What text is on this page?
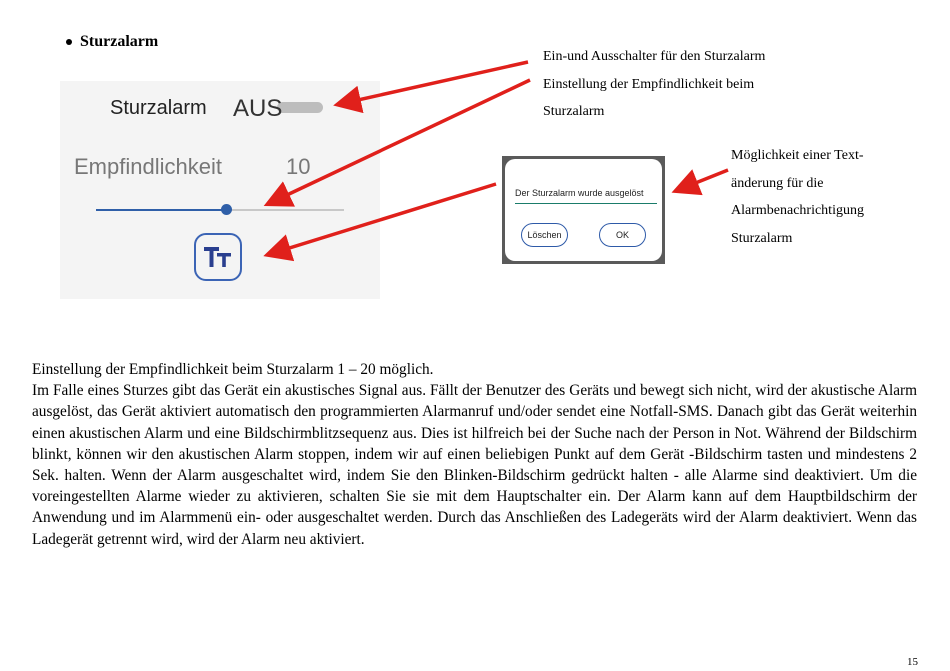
Sturzalarm
Sturzalarm AUS
Empfindlichkeit	10
Der Sturzalarm wurde ausgelöst
Löschen	OK
Ein-und Ausschalter für den Sturzalarm
Einstellung der Empfindlichkeit beim
Sturzalarm
Möglichkeit einer Text-
änderung für die
Alarmbenachrichtigung
Sturzalarm

Einstellung der Empfindlichkeit beim Sturzalarm 1 – 20 möglich.

Im Falle eines Sturzes gibt das Gerät ein akustisches Signal aus. Fällt der Benutzer des Geräts und bewegt sich nicht, wird der akustische Alarm ausgelöst, das Gerät aktiviert automatisch den programmierten Alarmanruf und/oder sendet eine Notfall-SMS. Danach gibt das Gerät weiterhin einen akustischen Alarm und eine Bildschirmblitzsequenz aus. Dies ist hilfreich bei der Suche nach der Person in Not. Während der Bildschirm blinkt, können wir den akustischen Alarm stoppen, indem wir auf einen beliebigen Punkt auf dem Gerät -Bildschirm tasten und mindestens 2 Sek. halten. Wenn der Alarm ausgeschaltet wird, indem Sie den Blinken-Bildschirm gedrückt halten - alle Alarme sind deaktiviert. Um die voreingestellten Alarme wieder zu aktivieren, schalten Sie sie mit dem Hauptschalter ein. Der Alarm kann auf dem Hauptbildschirm der Anwendung und im Alarmmenü ein- oder ausgeschaltet werden. Durch das Anschließen des Ladegeräts wird der Alarm deaktiviert. Wenn das Ladegerät getrennt wird, wird der Alarm neu aktiviert.

15
